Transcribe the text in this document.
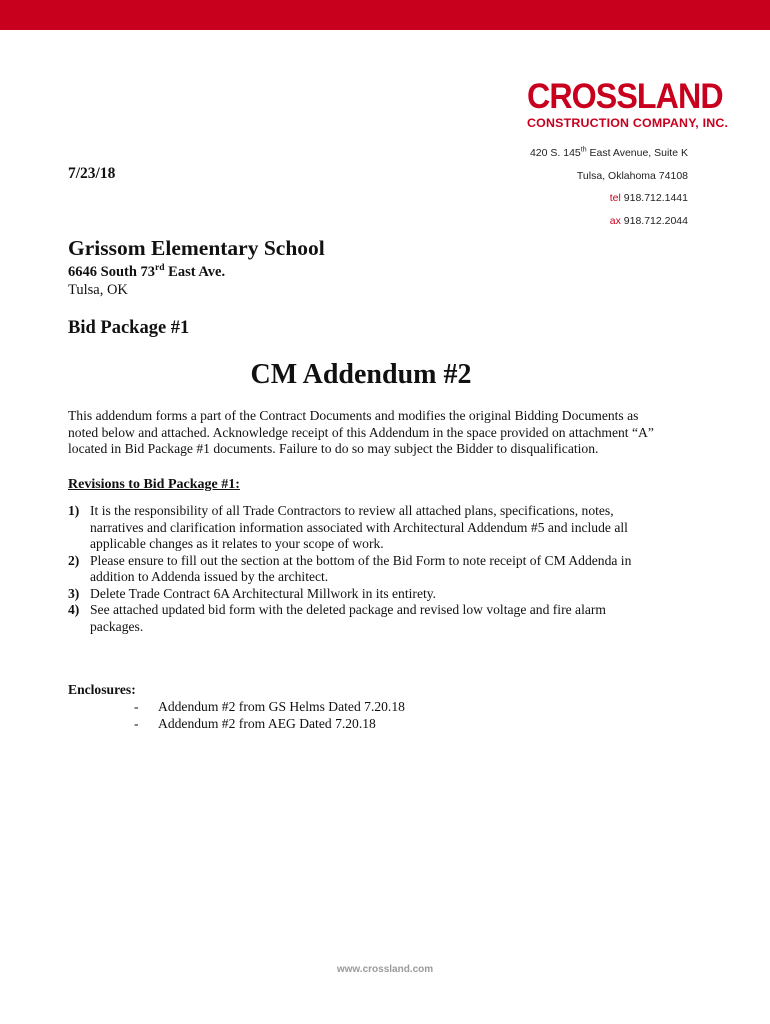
CROSSLAND
CONSTRUCTION COMPANY, INC.
420 S. 145th East Avenue, Suite K
Tulsa, Oklahoma 74108
tel 918.712.1441
ax 918.712.2044
7/23/18
Grissom Elementary School
6646 South 73rd East Ave.
Tulsa, OK
Bid Package #1
CM Addendum #2

This addendum forms a part of the Contract Documents and modifies the original Bidding Documents as noted below and attached. Acknowledge receipt of this Addendum in the space provided on attachment “A” located in Bid Package #1 documents. Failure to do so may subject the Bidder to disqualification.

Revisions to Bid Package #1:
1) It is the responsibility of all Trade Contractors to review all attached plans, specifications, notes, narratives and clarification information associated with Architectural Addendum #5 and include all applicable changes as it relates to your scope of work.
2) Please ensure to fill out the section at the bottom of the Bid Form to note receipt of CM Addenda in addition to Addenda issued by the architect.
3) Delete Trade Contract 6A Architectural Millwork in its entirety.
4) See attached updated bid form with the deleted package and revised low voltage and fire alarm packages.
Enclosures:
- Addendum #2 from GS Helms Dated 7.20.18
- Addendum #2 from AEG Dated 7.20.18
www.crossland.com
